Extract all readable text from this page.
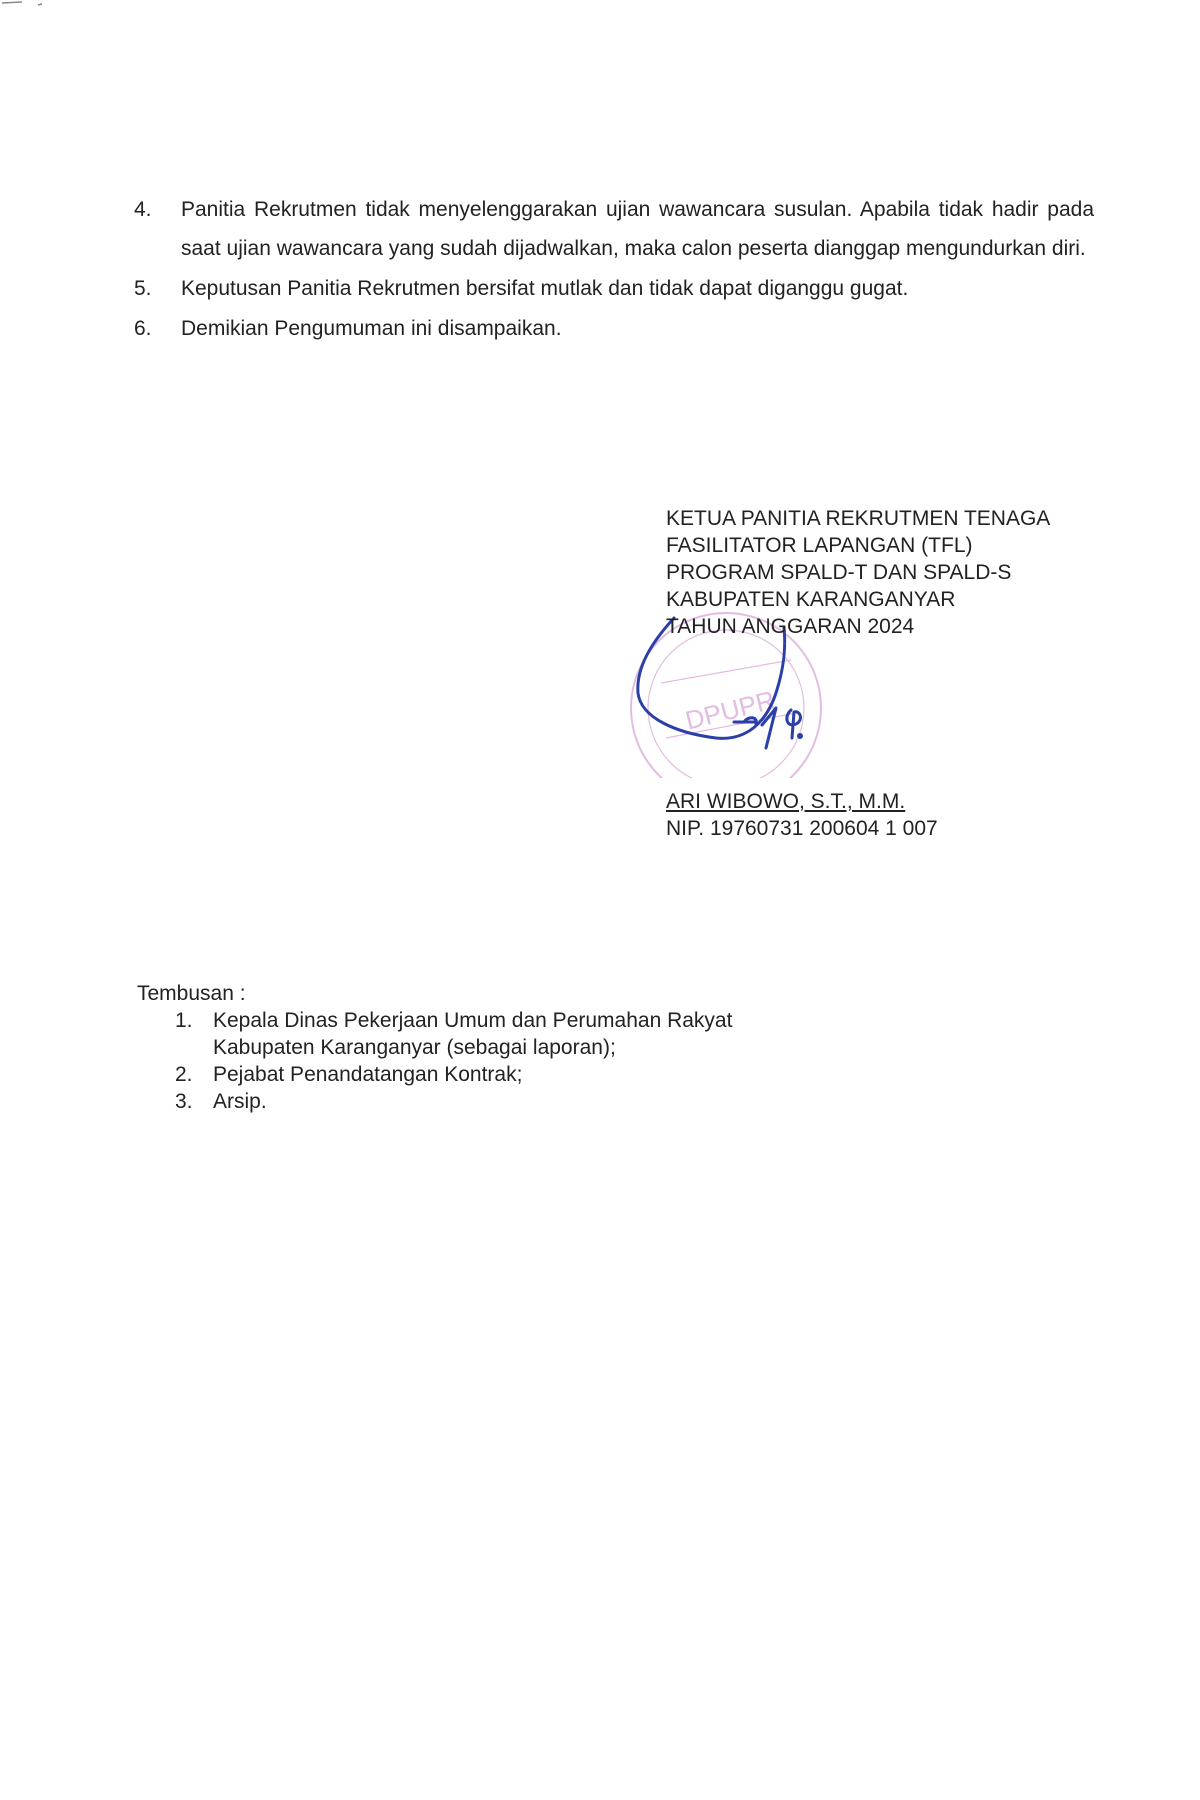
4. Panitia Rekrutmen tidak menyelenggarakan ujian wawancara susulan. Apabila tidak hadir pada saat ujian wawancara yang sudah dijadwalkan, maka calon peserta dianggap mengundurkan diri.
5. Keputusan Panitia Rekrutmen bersifat mutlak dan tidak dapat diganggu gugat.
6. Demikian Pengumuman ini disampaikan.
DPUPR
KETUA PANITIA REKRUTMEN TENAGA
FASILITATOR LAPANGAN (TFL)
PROGRAM SPALD-T DAN SPALD-S
KABUPATEN KARANGANYAR
TAHUN ANGGARAN 2024
ARI WIBOWO, S.T., M.M.
NIP. 19760731 200604 1 007
Tembusan :
1. Kepala Dinas Pekerjaan Umum dan Perumahan Rakyat
Kabupaten Karanganyar (sebagai laporan);
2. Pejabat Penandatangan Kontrak;
3. Arsip.
